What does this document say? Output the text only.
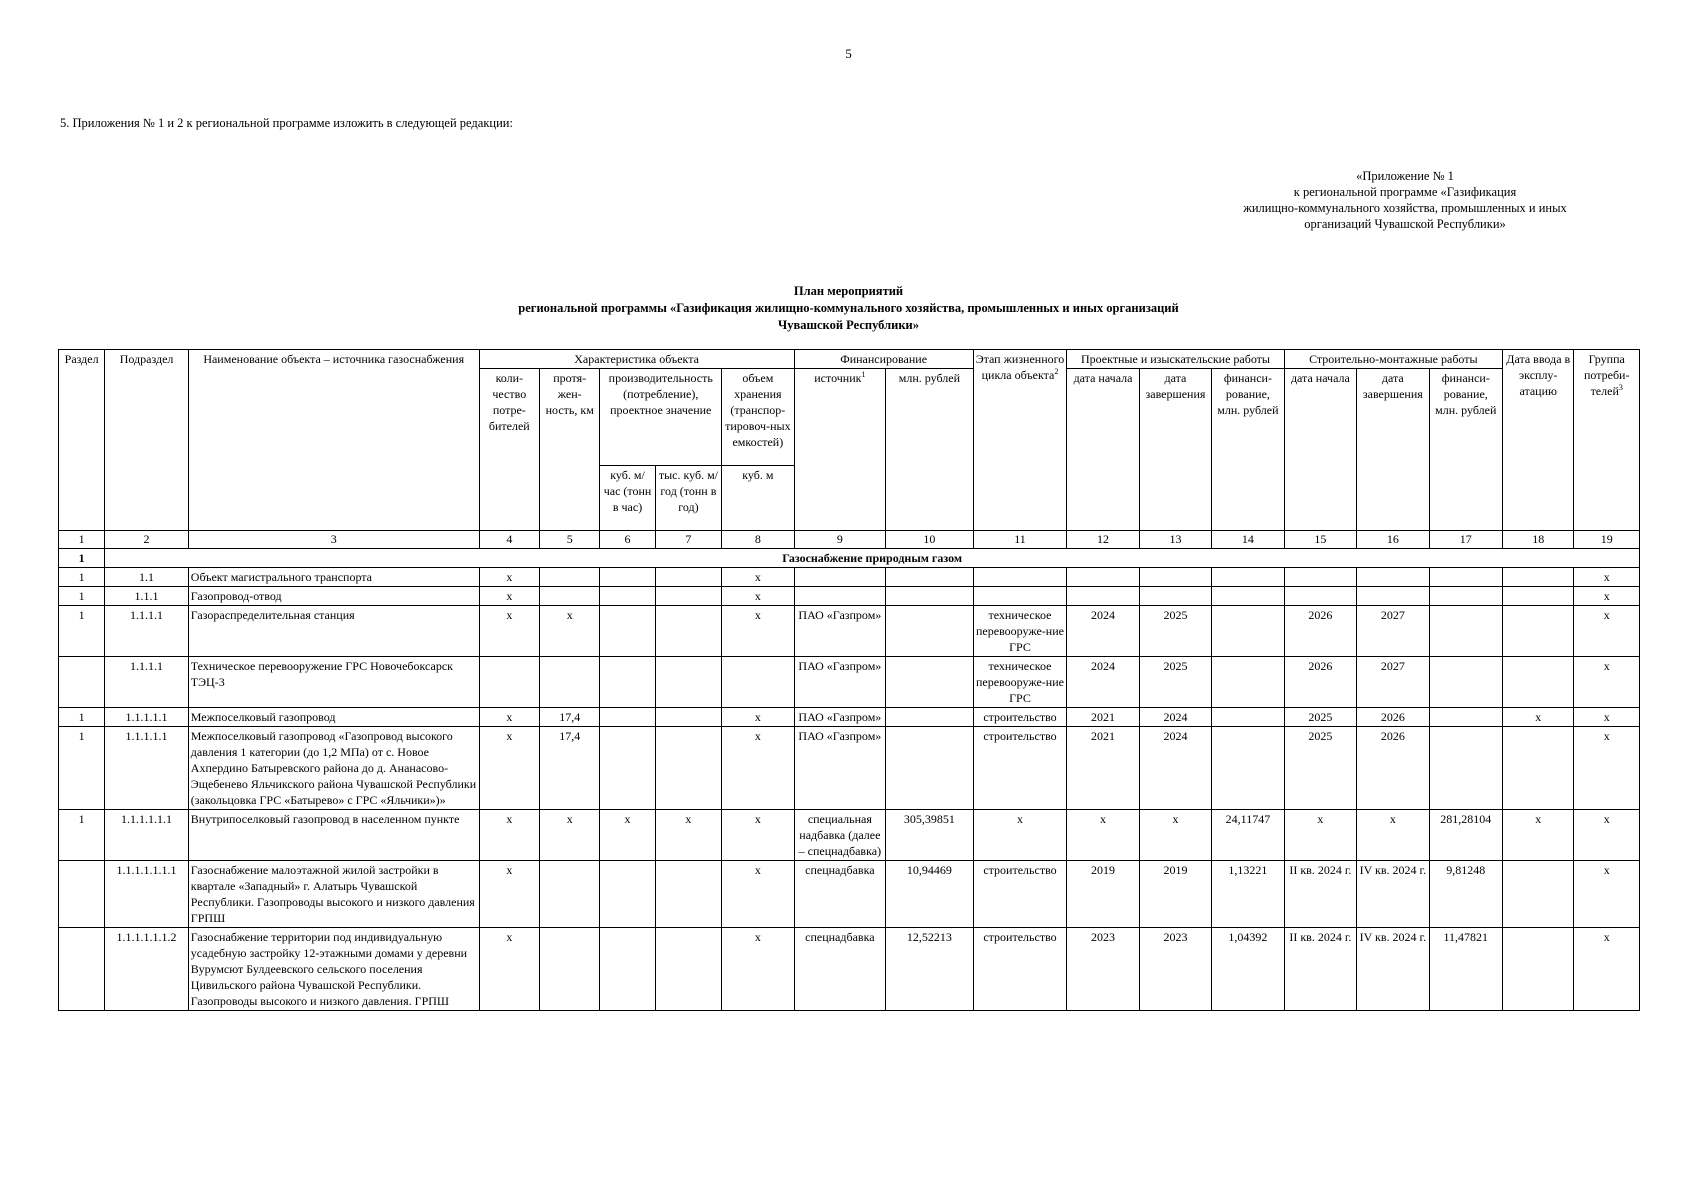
5
5. Приложения № 1 и 2 к региональной программе изложить в следующей редакции:
«Приложение № 1
к региональной программе «Газификация
жилищно-коммунального хозяйства, промышленных и иных
организаций Чувашской Республики»
План мероприятий
региональной программы «Газификация жилищно-коммунального хозяйства, промышленных и иных организаций
Чувашской Республики»
Раздел	Подраздел	Наименование объекта – источника газоснабжения	Характеристика объекта					Финансирование		Этап жизненного цикла объекта$^2$	Проектные и изыскательские работы			Строительно-монтажные работы			Дата ввода в эксплу-атацию	Группа потреби-телей$^3$
			коли-чество потре-бителей	протя-жен-ность, км	производительность (потребление), проектное значение		объем хранения (транспор-тировоч-ных емкостей)	источник$^1$	млн. рублей		дата начала	дата завершения	финанси-рование, млн. рублей	дата начала	дата завершения	финанси-рование, млн. рублей		
					куб. м/час (тонн в час)	тыс. куб. м/год (тонн в год)	куб. м											
1	2	3	4	5	6	7	8	9	10	11	12	13	14	15	16	17	18	19
1	Газоснабжение природным газом																	
1	1.1	Объект магистрального транспорта	x				x											x
1	1.1.1	Газопровод-отвод	x				x											x
1	1.1.1.1	Газораспределительная станция	x	x			x	ПАО «Газпром»		техническое перевооруже-ние ГРС	2024	2025		2026	2027			x
	1.1.1.1	Техническое перевооружение ГРС Новочебоксарск ТЭЦ-3						ПАО «Газпром»		техническое перевооруже-ние ГРС	2024	2025		2026	2027			x
1	1.1.1.1.1	Межпоселковый газопровод	x	17,4			x	ПАО «Газпром»		строительство	2021	2024		2025	2026		x	x
1	1.1.1.1.1	Межпоселковый газопровод «Газопровод высокого давления 1 категории (до 1,2 МПа) от с. Новое Ахпердино Батыревского района до д. Ананасово-Эщебенево Яльчикского района Чувашской Республики (закольцовка ГРС «Батырево» с ГРС «Яльчики»)»	x	17,4			x	ПАО «Газпром»		строительство	2021	2024		2025	2026			x
1	1.1.1.1.1.1	Внутрипоселковый газопровод в населенном пункте	x	x	x	x	x	специальная надбавка (далее – спецнадбавка)	305,39851	x	x	x	24,11747	x	x	281,28104	x	x
	1.1.1.1.1.1.1	Газоснабжение малоэтажной жилой застройки в квартале «Западный» г. Алатырь Чувашской Республики. Газопроводы высокого и низкого давления ГРПШ	x				x	спецнадбавка	10,94469	строительство	2019	2019	1,13221	II кв. 2024 г.	IV кв. 2024 г.	9,81248		x
	1.1.1.1.1.1.2	Газоснабжение территории под индивидуальную усадебную застройку 12-этажными домами у деревни Вурумсют Булдеевского сельского поселения Цивильского района Чувашской Республики. Газопроводы высокого и низкого давления. ГРПШ	x				x	спецнадбавка	12,52213	строительство	2023	2023	1,04392	II кв. 2024 г.	IV кв. 2024 г.	11,47821		x
